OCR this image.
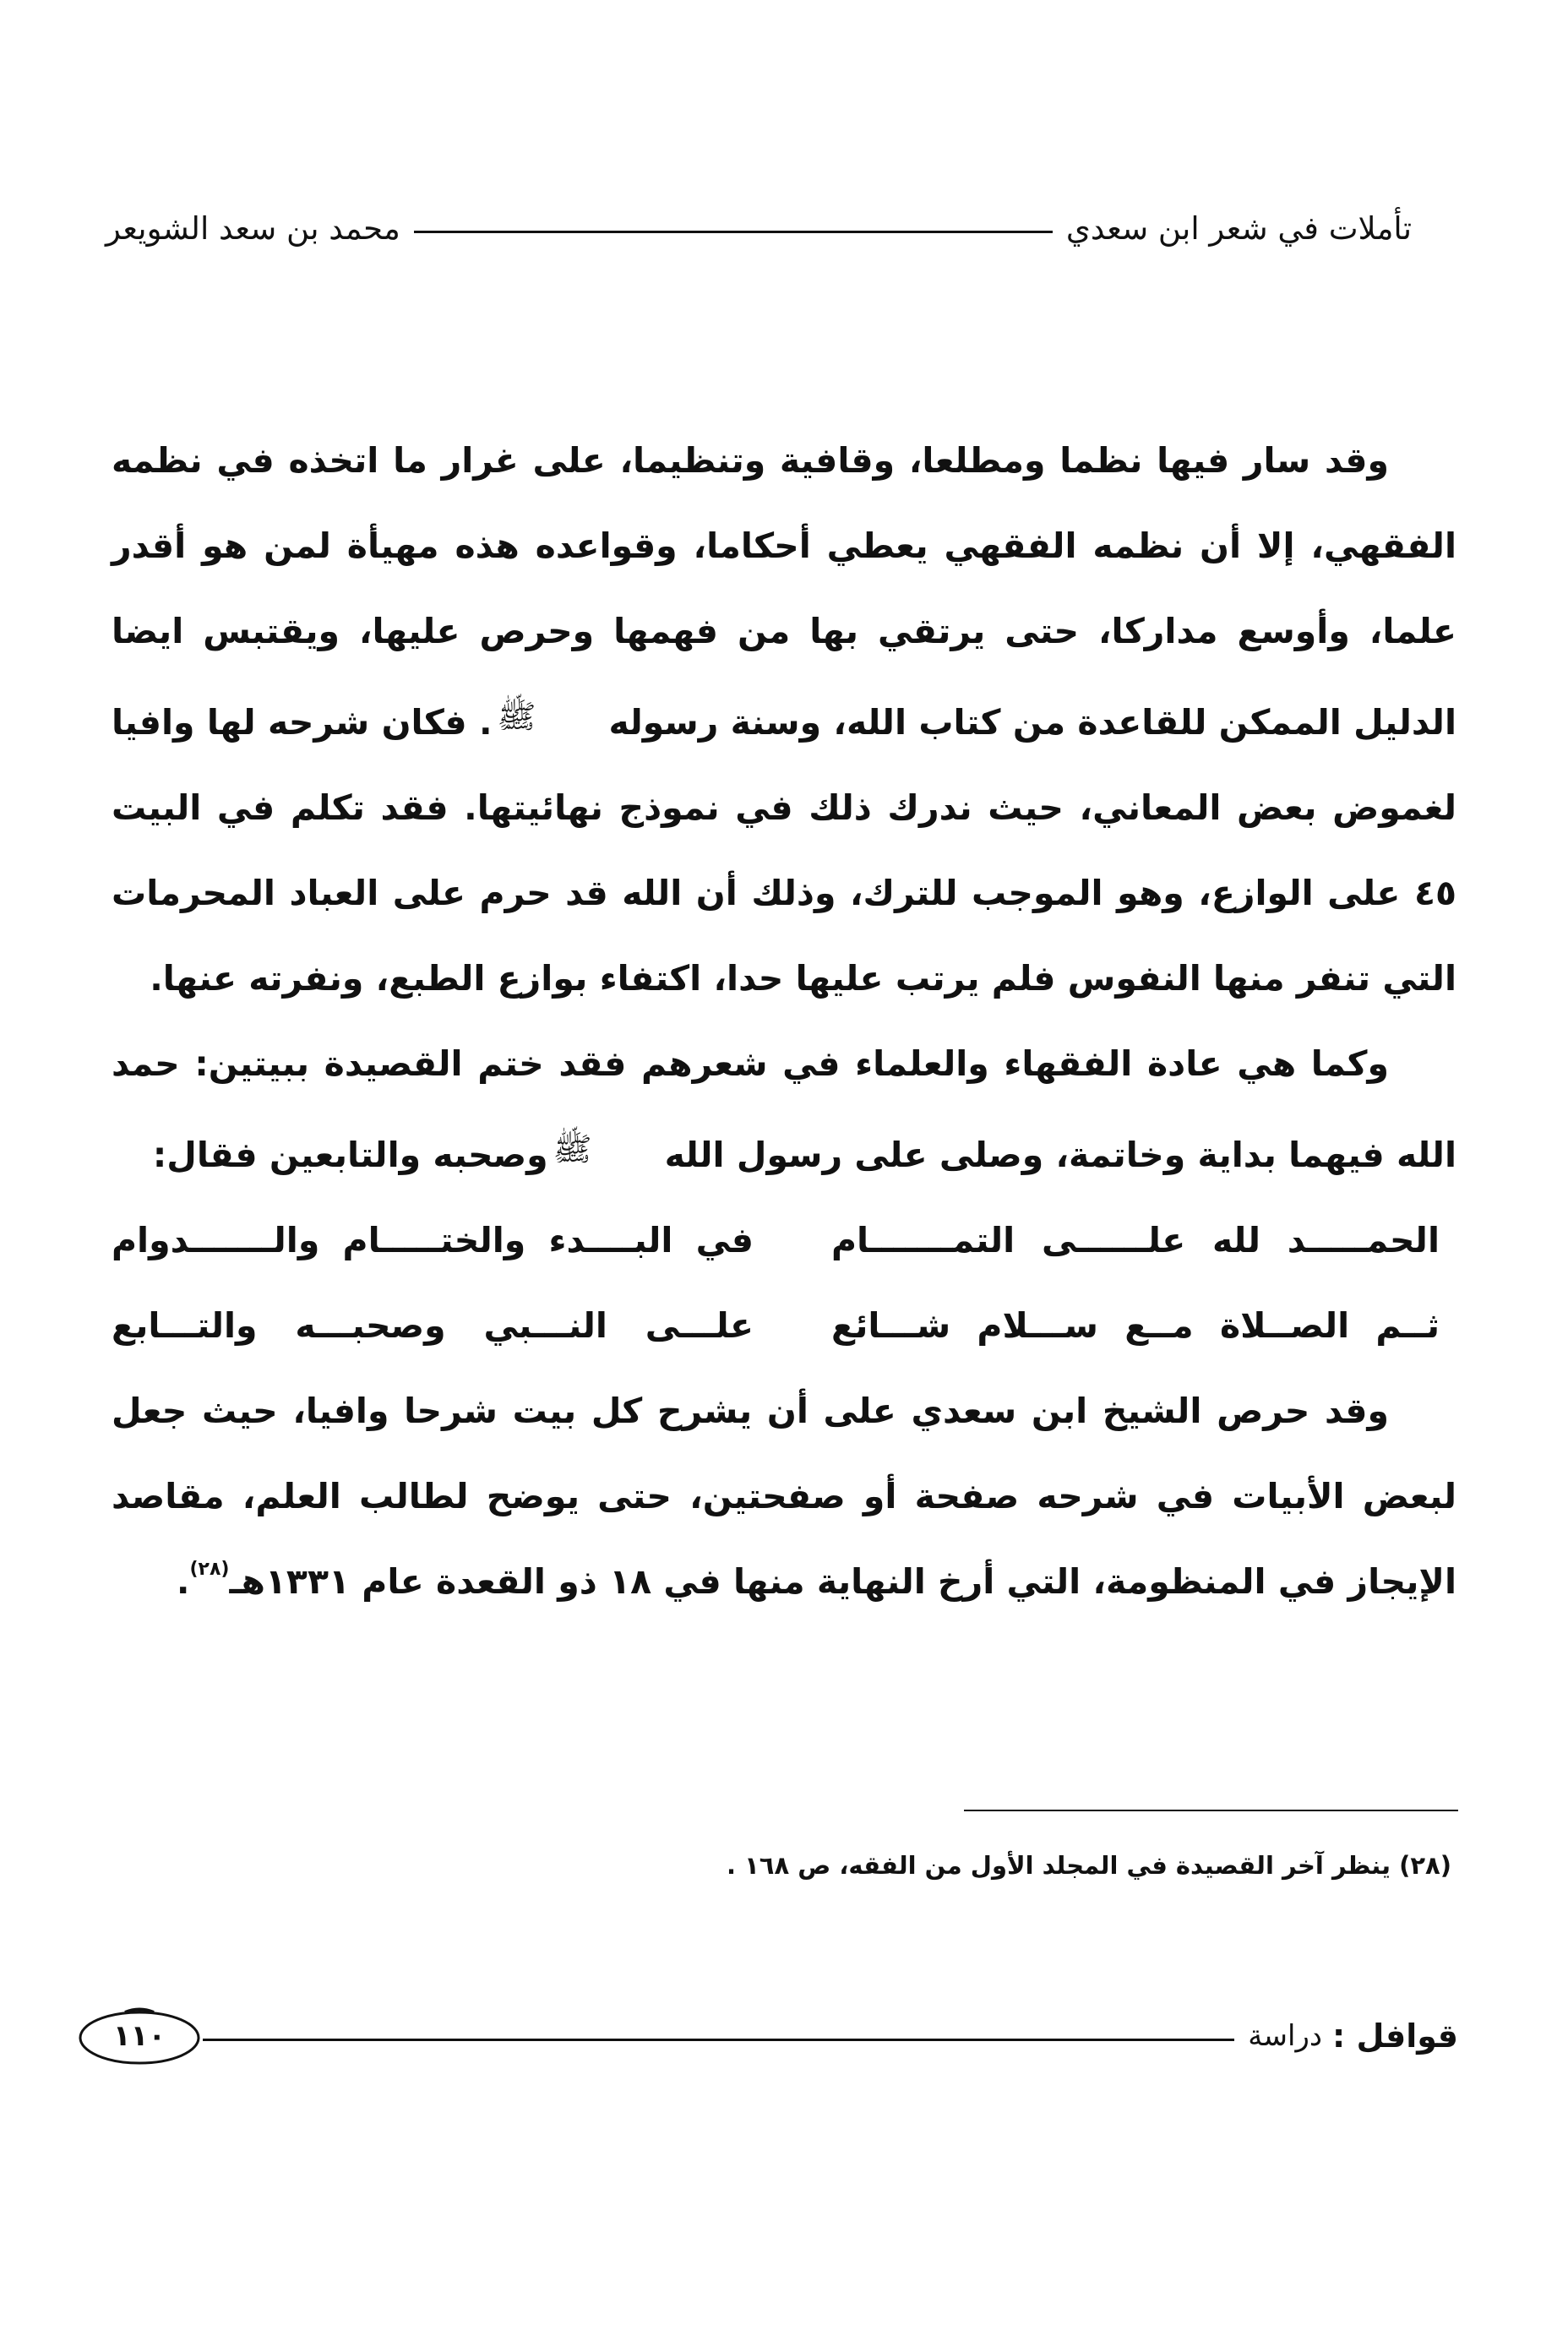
تأملات في شعر ابن سعدي
محمد بن سعد الشويعر

وقد سار فيها نظما ومطلعا، وقافية وتنظيما، على غرار ما اتخذه في نظمه الفقهي، إلا أن نظمه الفقهي يعطي أحكاما، وقواعده هذه مهيأة لمن هو أقدر علما، وأوسع مداركا، حتى يرتقي بها من فهمها وحرص عليها، ويقتبس ايضا الدليل الممكن للقاعدة من كتاب الله، وسنة رسولهﷺ. فكان شرحه لها وافيا لغموض بعض المعاني، حيث ندرك ذلك في نموذج نهائيتها. فقد تكلم في البيت ٤٥ على الوازع، وهو الموجب للترك، وذلك أن الله قد حرم على العباد المحرمات التي تنفر منها النفوس فلم يرتب عليها حدا، اكتفاء بوازع الطبع، ونفرته عنها.

وكما هي عادة الفقهاء والعلماء في شعرهم فقد ختم القصيدة ببيتين: حمد الله فيهما بداية وخاتمة، وصلى على رسول اللهﷺوصحبه والتابعين فقال:

الحمـــــد لله علــــــى التمـــــــام
في البــــدء والختـــــام والـــــــدوام
ثــم الصــلاة مــع ســـلام شـــائع
علـــى النـــبي وصحبـــه والتـــابع

وقد حرص الشيخ ابن سعدي على أن يشرح كل بيت شرحا وافيا، حيث جعل لبعض الأبيات في شرحه صفحة أو صفحتين، حتى يوضح لطالب العلم، مقاصد الإيجاز في المنظومة، التي أرخ النهاية منها في ١٨ ذو القعدة عام ١٣٣١هـ$^{(٢٨)}$.

(٢٨) ينظر آخر القصيدة في المجلد الأول من الفقه، ص ١٦٨ .
قوافل :
دراسة
١١٠
